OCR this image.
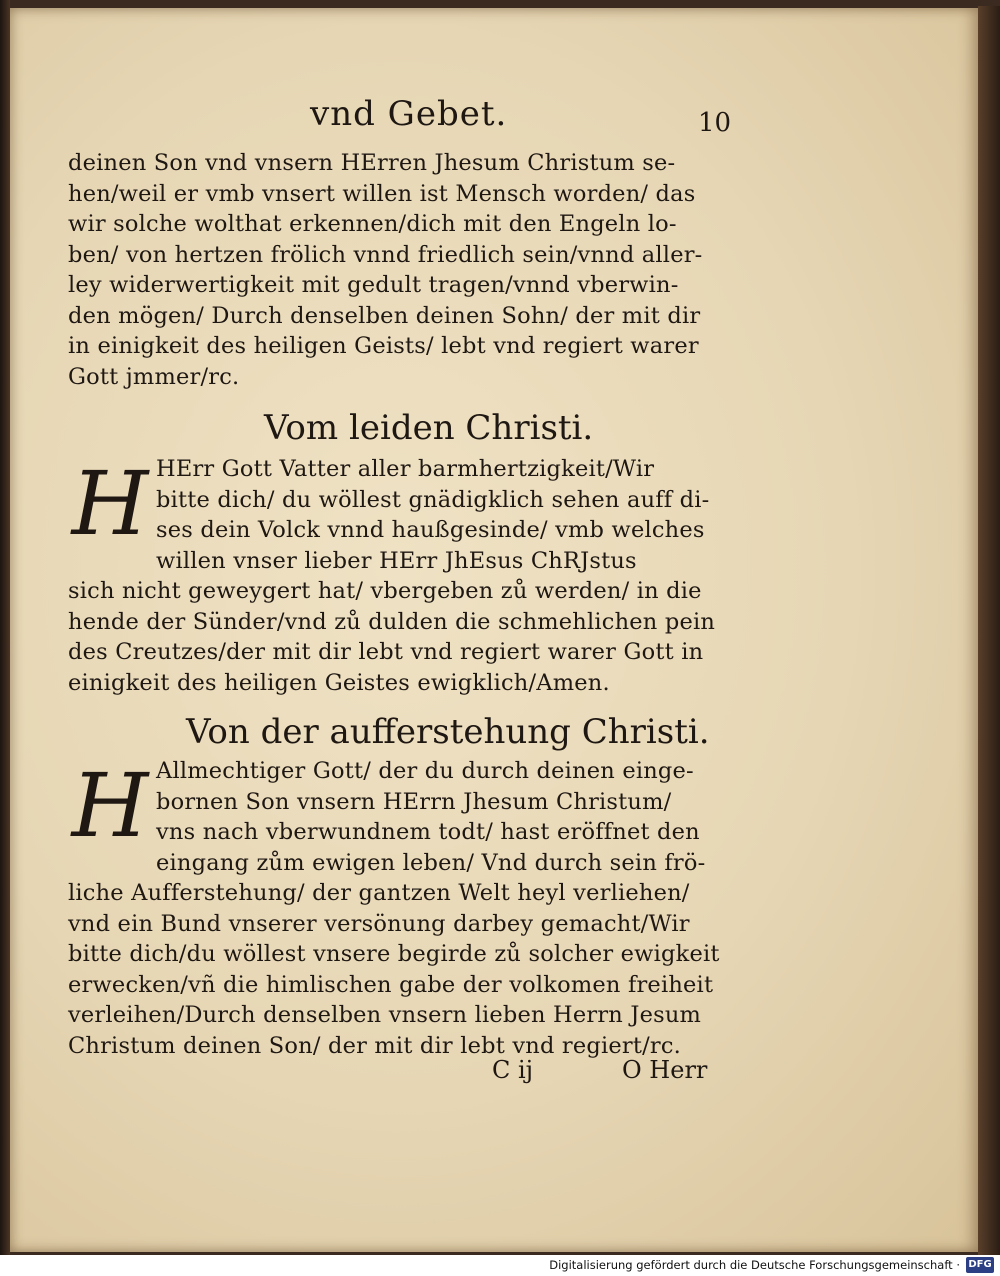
vnd Gebet.	10
deinen Son vnd vnsern HErren Jhesum Christum se-
hen/weil er vmb vnsert willen ist Mensch worden/ das
wir solche wolthat erkennen/dich mit den Engeln lo-
ben/ von hertzen frölich vnnd friedlich sein/vnnd aller-
ley widerwertigkeit mit gedult tragen/vnnd vberwin-
den mögen/ Durch denselben deinen Sohn/ der mit dir
in einigkeit des heiligen Geists/ lebt vnd regiert warer
Gott jmmer/rc.
Vom leiden Christi.
H HErr Gott Vatter aller barmhertzigkeit/Wir
bitte dich/ du wöllest gnädigklich sehen auff di-
ses dein Volck vnnd haußgesinde/ vmb welches
willen vnser lieber HErr JhEsus ChRJstus
sich nicht geweygert hat/ vbergeben zů werden/ in die
hende der Sünder/vnd zů dulden die schmehlichen pein
des Creutzes/der mit dir lebt vnd regiert warer Gott in
einigkeit des heiligen Geistes ewigklich/Amen.
Von der aufferstehung Christi.
H Allmechtiger Gott/ der du durch deinen einge-
bornen Son vnsern HErrn Jhesum Christum/
vns nach vberwundnem todt/ hast eröffnet den
eingang zům ewigen leben/ Vnd durch sein frö-
liche Aufferstehung/ der gantzen Welt heyl verliehen/
vnd ein Bund vnserer versönung darbey gemacht/Wir
bitte dich/du wöllest vnsere begirde zů solcher ewigkeit
erwecken/vñ die himlischen gabe der volkomen freiheit
verleihen/Durch denselben vnsern lieben Herrn Jesum
Christum deinen Son/ der mit dir lebt vnd regiert/rc.
C ij	O Herr
Digitalisierung gefördert durch die Deutsche Forschungsgemeinschaft · DFG
